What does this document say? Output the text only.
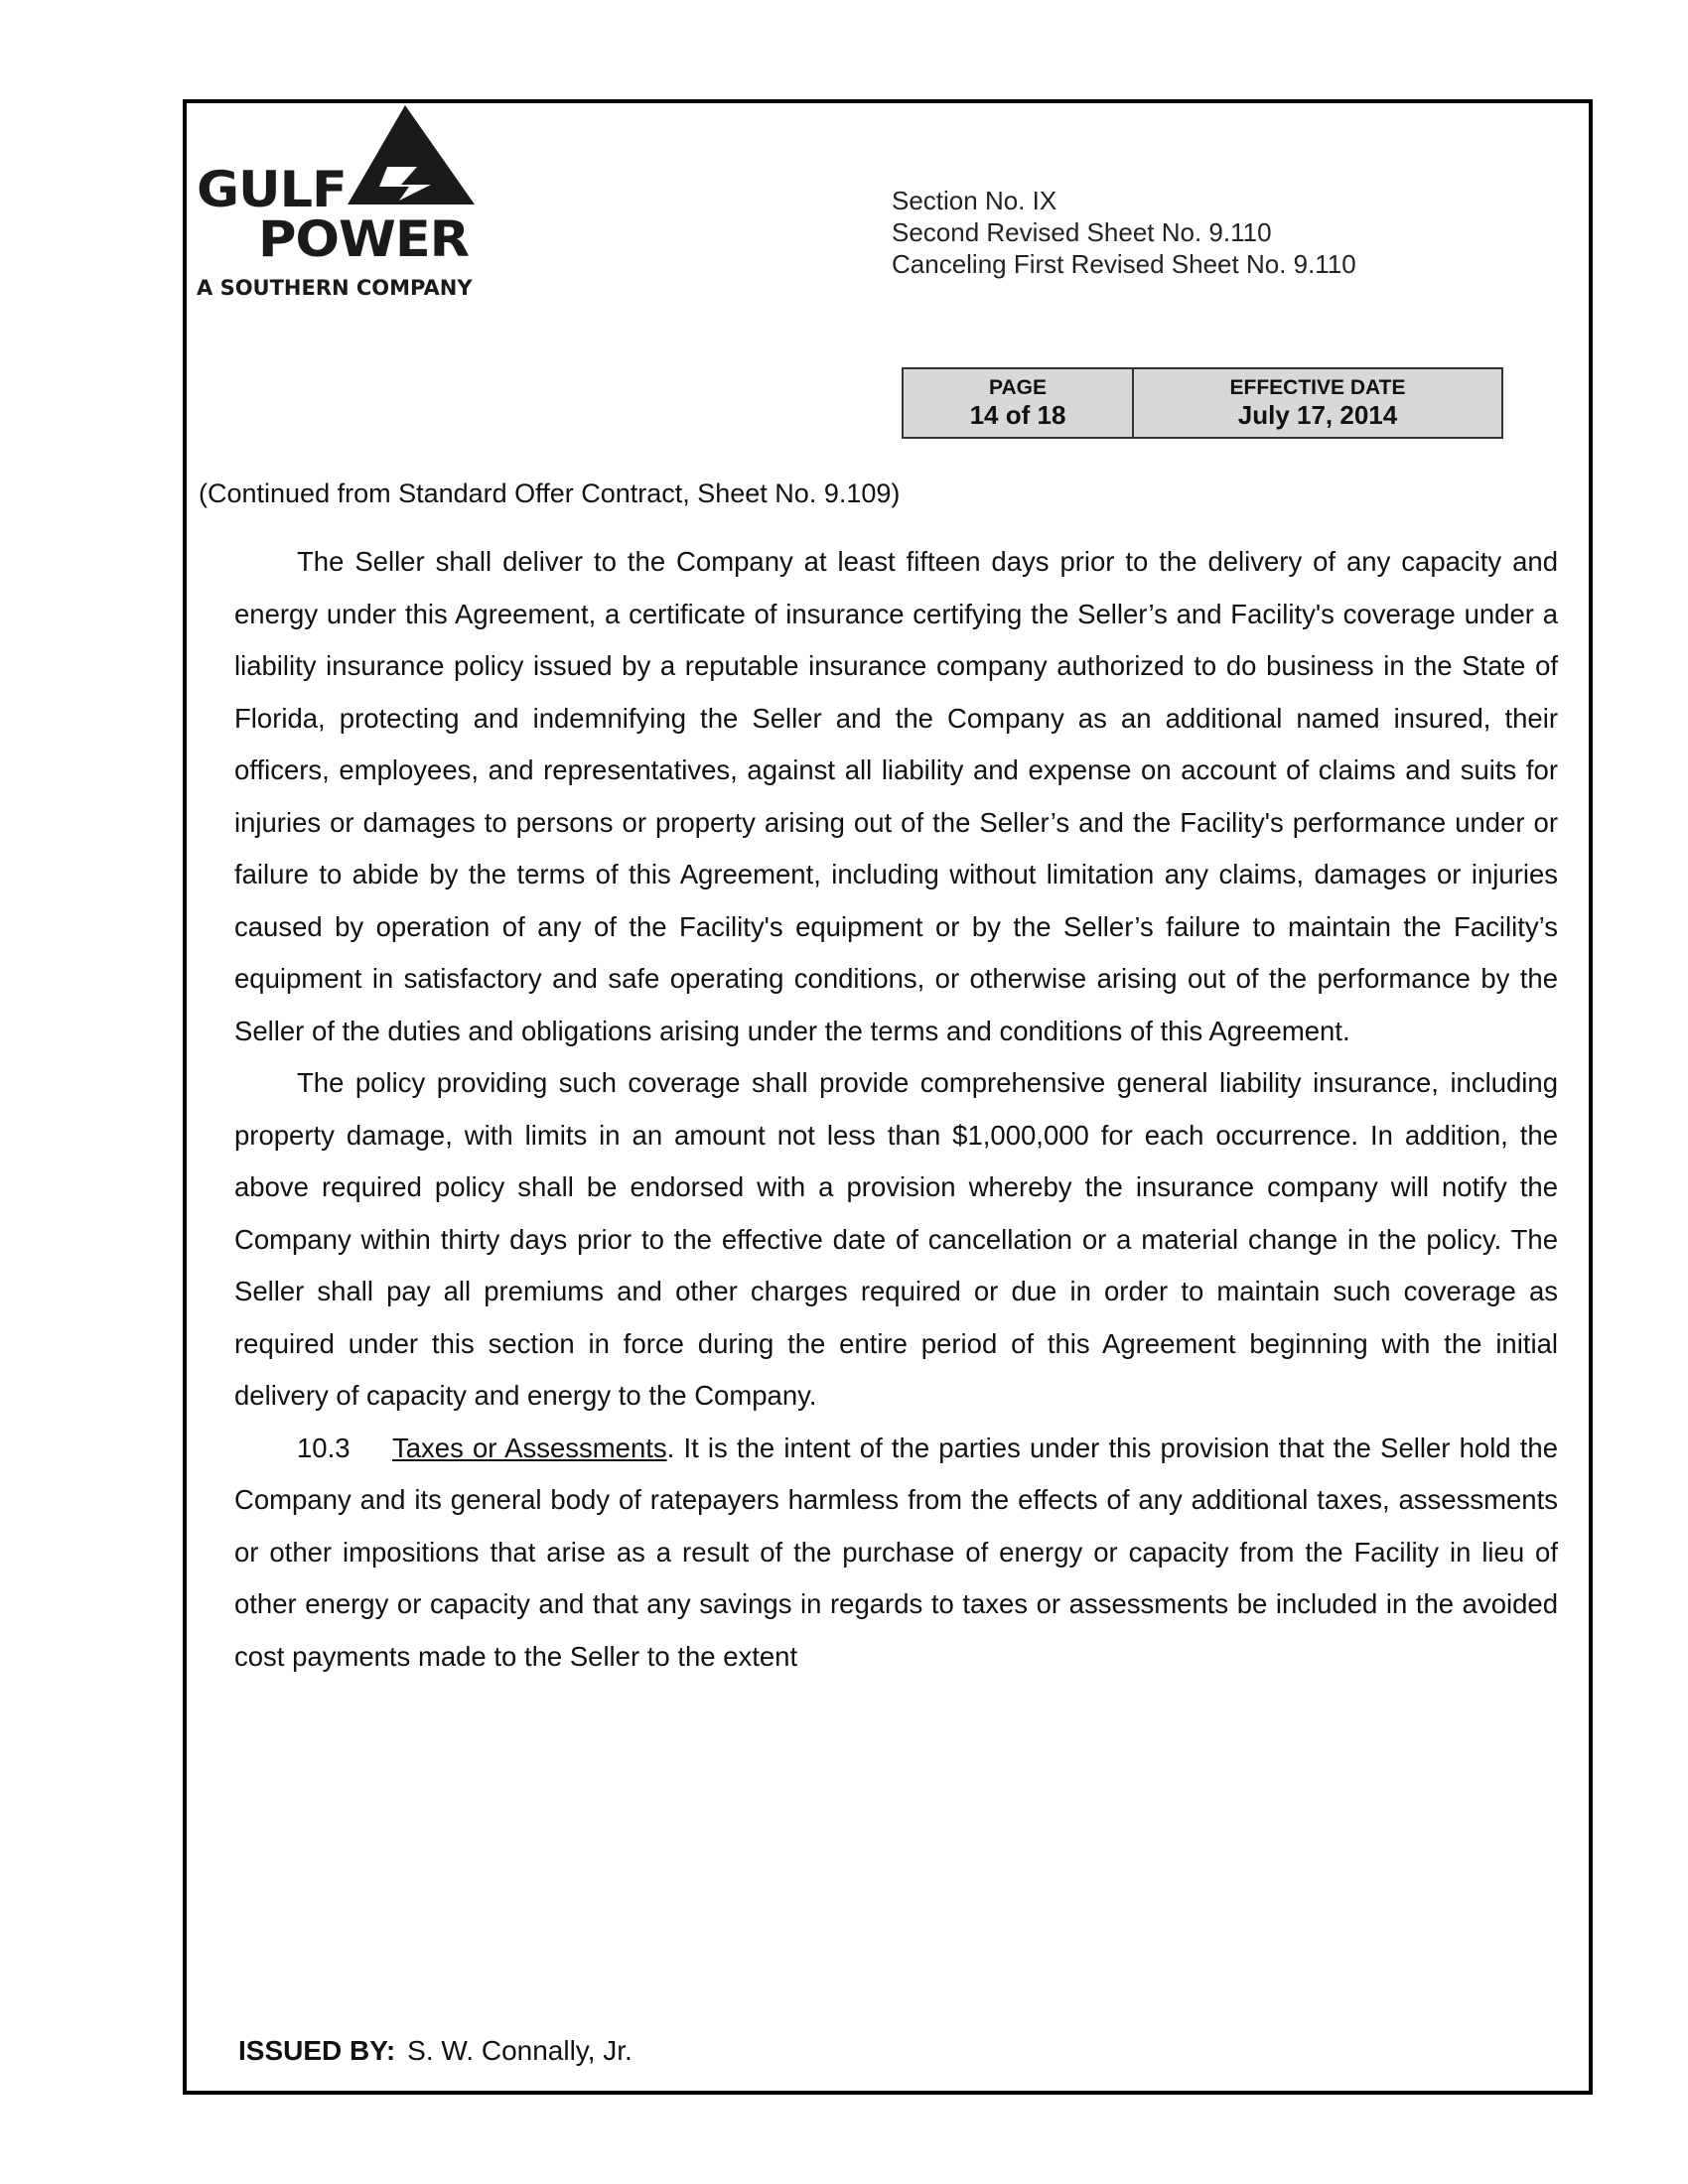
GULF
POWER
A SOUTHERN COMPANY
Section No. IX
Second Revised Sheet No. 9.110
Canceling First Revised Sheet No. 9.110
PAGE
14 of 18

EFFECTIVE DATE
July 17, 2014
(Continued from Standard Offer Contract, Sheet No. 9.109)

The Seller shall deliver to the Company at least fifteen days prior to the delivery of any capacity and energy under this Agreement, a certificate of insurance certifying the Seller’s and Facility's coverage under a liability insurance policy issued by a reputable insurance company authorized to do business in the State of Florida, protecting and indemnifying the Seller and the Company as an additional named insured, their officers, employees, and representatives, against all liability and expense on account of claims and suits for injuries or damages to persons or property arising out of the Seller’s and the Facility's performance under or failure to abide by the terms of this Agreement, including without limitation any claims, damages or injuries caused by operation of any of the Facility's equipment or by the Seller’s failure to maintain the Facility’s equipment in satisfactory and safe operating conditions, or otherwise arising out of the performance by the Seller of the duties and obligations arising under the terms and conditions of this Agreement.

The policy providing such coverage shall provide comprehensive general liability insurance, including property damage, with limits in an amount not less than $1,000,000 for each occurrence. In addition, the above required policy shall be endorsed with a provision whereby the insurance company will notify the Company within thirty days prior to the effective date of cancellation or a material change in the policy. The Seller shall pay all premiums and other charges required or due in order to maintain such coverage as required under this section in force during the entire period of this Agreement beginning with the initial delivery of capacity and energy to the Company.

10.3 Taxes or Assessments. It is the intent of the parties under this provision that the Seller hold the Company and its general body of ratepayers harmless from the effects of any additional taxes, assessments or other impositions that arise as a result of the purchase of energy or capacity from the Facility in lieu of other energy or capacity and that any savings in regards to taxes or assessments be included in the avoided cost payments made to the Seller to the extent

ISSUED BY: S. W. Connally, Jr.
